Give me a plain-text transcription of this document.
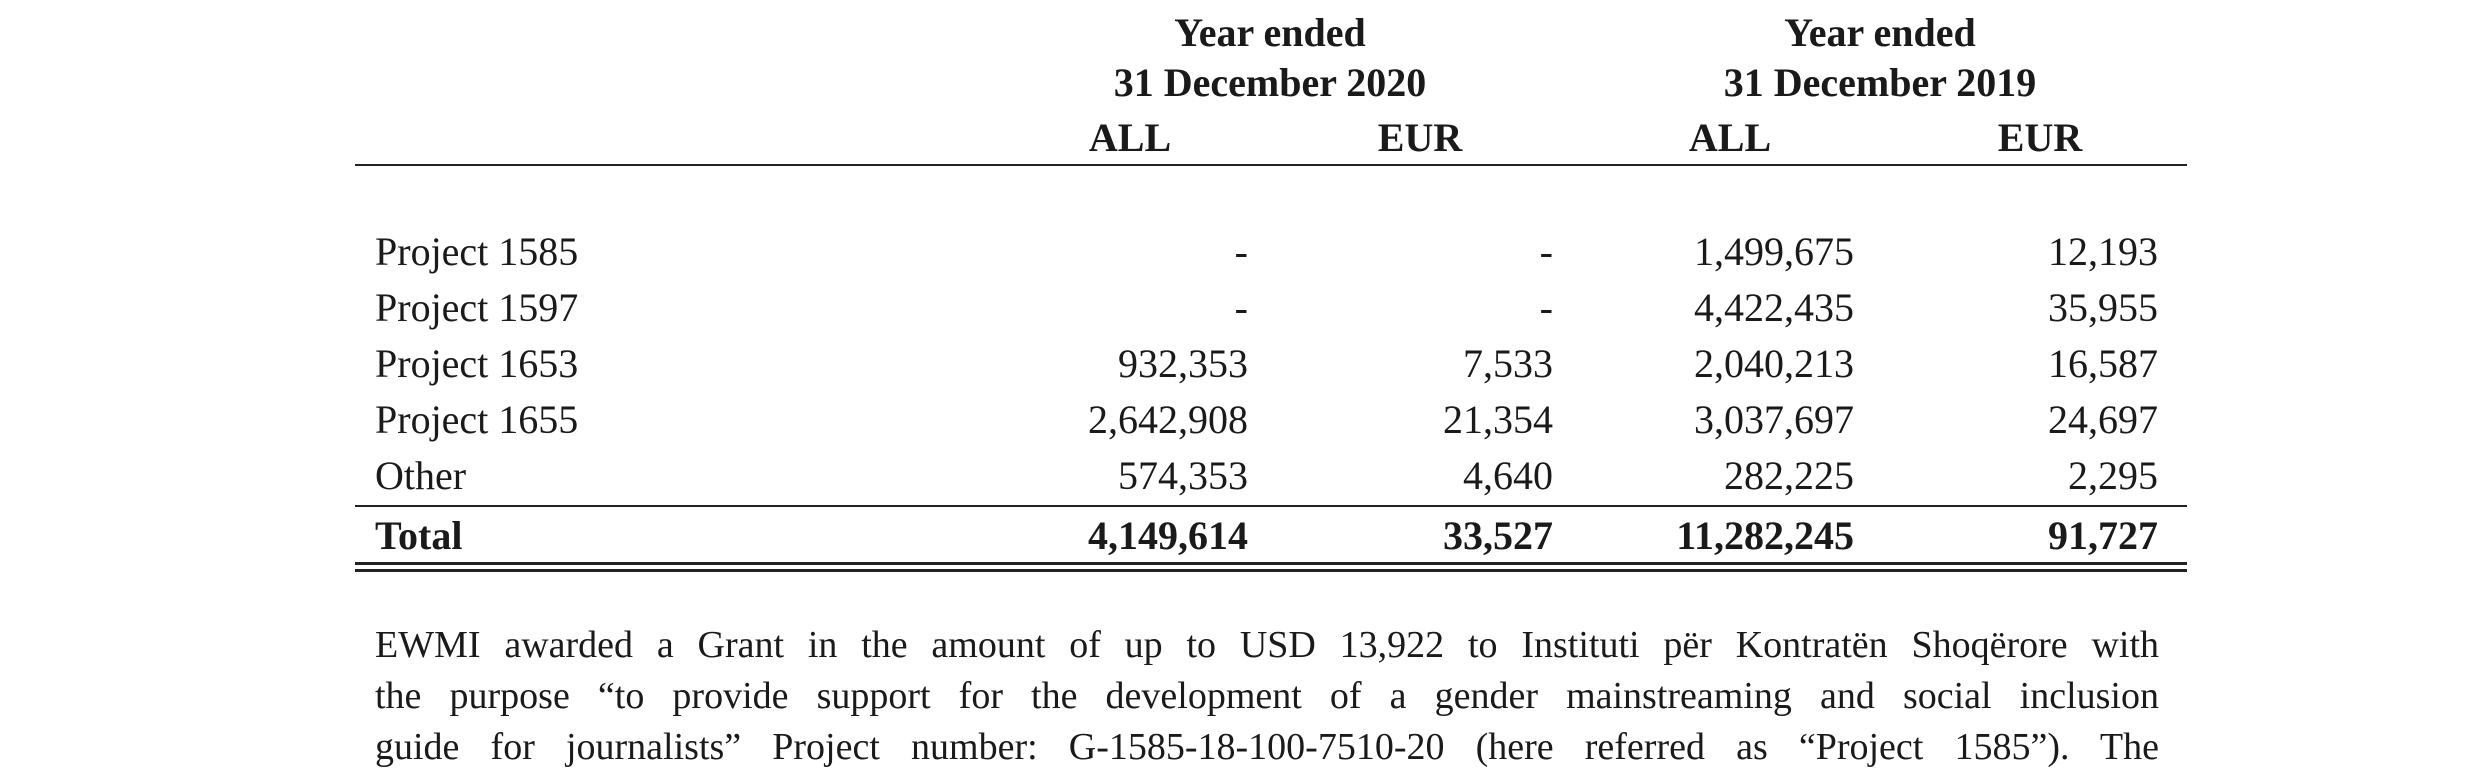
Year ended
31 December 2020
ALL	EUR
Year ended
31 December 2019
ALL	EUR
Project 1585	-	-	1,499,675	12,193
Project 1597	-	-	4,422,435	35,955
Project 1653	932,353	7,533	2,040,213	16,587
Project 1655	2,642,908	21,354	3,037,697	24,697
Other	574,353	4,640	282,225	2,295
Total	4,149,614	33,527	11,282,245	91,727
EWMI awarded a Grant in the amount of up to USD 13,922 to Instituti për Kontratën Shoqërore with
the purpose “to provide support for the development of a gender mainstreaming and social inclusion
guide for journalists” Project number: G-1585-18-100-7510-20 (here referred as “Project 1585”). The
